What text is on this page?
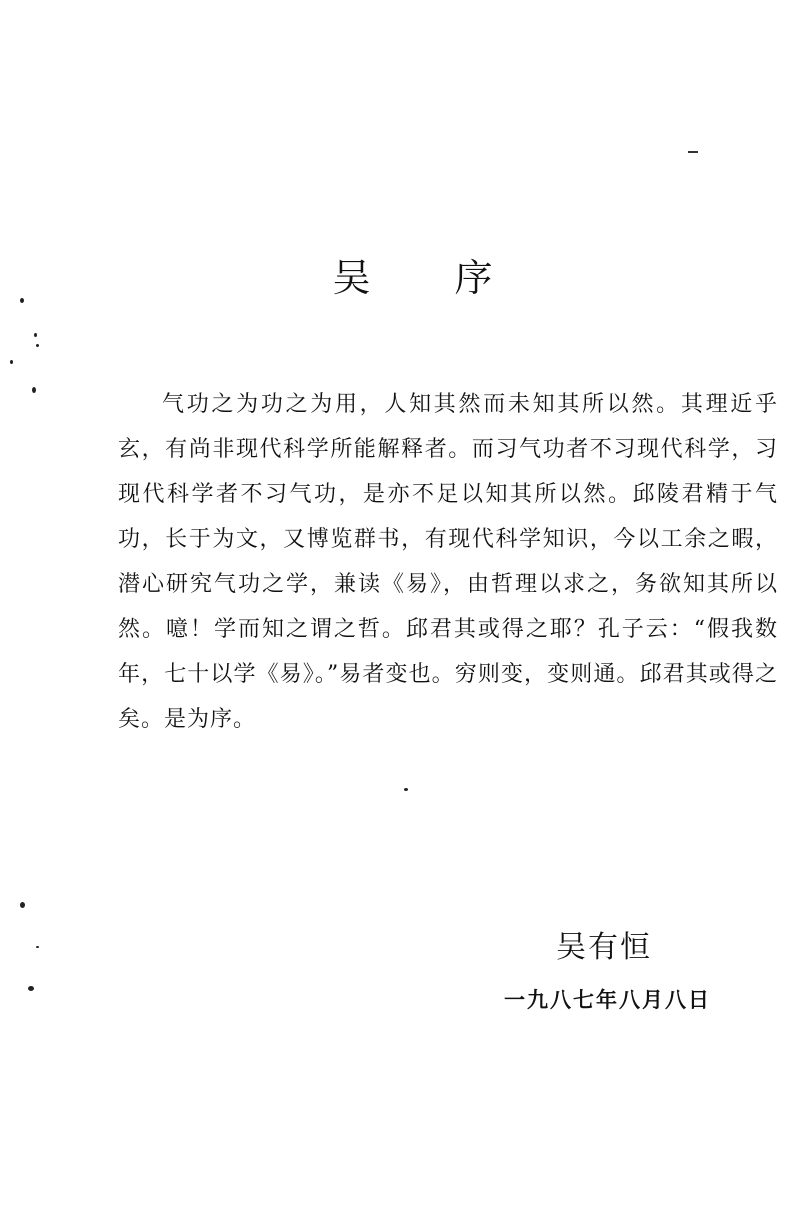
吴 序

气功之为功之为用，人知其然而未知其所以然。其理近乎玄，有尚非现代科学所能解释者。而习气功者不习现代科学，习现代科学者不习气功，是亦不足以知其所以然。邱陵君精于气功，长于为文，又博览群书，有现代科学知识，今以工余之暇，潜心研究气功之学，兼读《易》，由哲理以求之，务欲知其所以然。噫！学而知之谓之哲。邱君其或得之耶？孔子云：“假我数年，七十以学《易》。”易者变也。穷则变，变则通。邱君其或得之矣。是为序。

吴有恒
一九八七年八月八日
